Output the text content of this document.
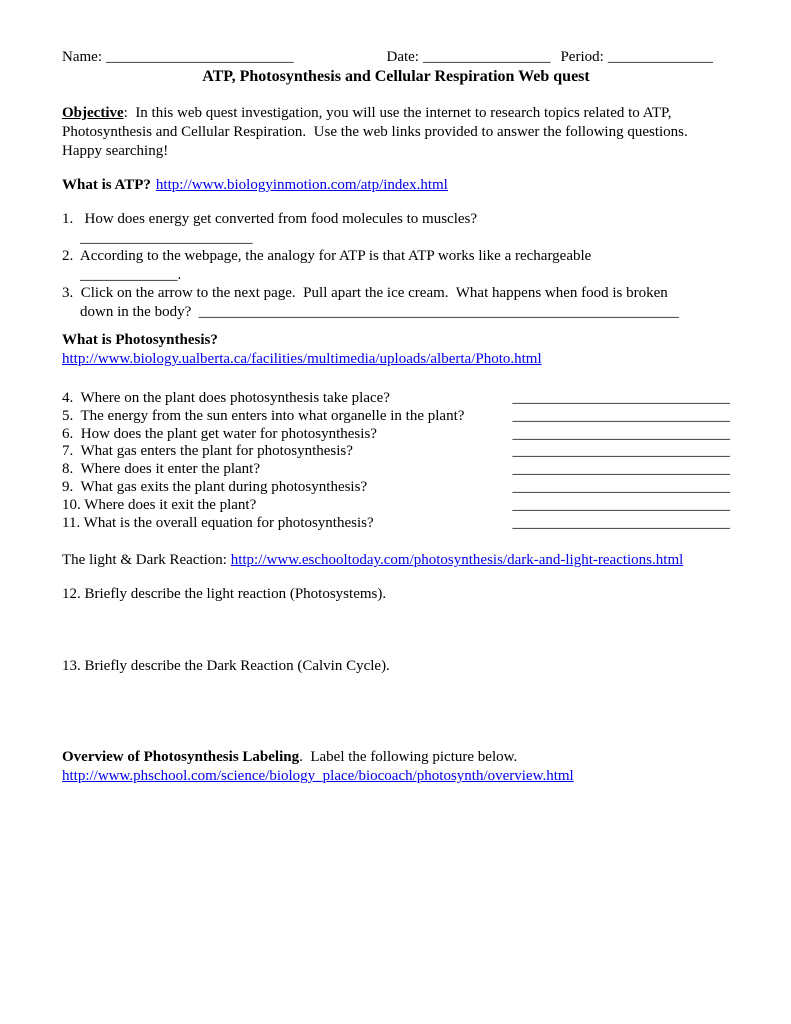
Name: _________________________	Date: _________________ Period: ______________
ATP, Photosynthesis and Cellular Respiration Web quest

Objective:  In this web quest investigation, you will use the internet to research topics related to ATP,
Photosynthesis and Cellular Respiration.  Use the web links provided to answer the following questions.
Happy searching!

What is ATP? http://www.biologyinmotion.com/atp/index.html
1.   How does energy get converted from food molecules to muscles?
_______________________
2.  According to the webpage, the analogy for ATP is that ATP works like a rechargeable
_____________.
3.  Click on the arrow to the next page.  Pull apart the ice cream.  What happens when food is broken
down in the body?  ________________________________________________________________
What is Photosynthesis?
http://www.biology.ualberta.ca/facilities/multimedia/uploads/alberta/Photo.html
4.  Where on the plant does photosynthesis take place?	_____________________________
5.  The energy from the sun enters into what organelle in the plant?	_____________________________
6.  How does the plant get water for photosynthesis?	_____________________________
7.  What gas enters the plant for photosynthesis?	_____________________________
8.  Where does it enter the plant?	_____________________________
9.  What gas exits the plant during photosynthesis?	_____________________________
10. Where does it exit the plant?	_____________________________
11. What is the overall equation for photosynthesis?	_____________________________
The light & Dark Reaction: http://www.eschooltoday.com/photosynthesis/dark-and-light-reactions.html
12. Briefly describe the light reaction (Photosystems).
13. Briefly describe the Dark Reaction (Calvin Cycle).
Overview of Photosynthesis Labeling.  Label the following picture below.
http://www.phschool.com/science/biology_place/biocoach/photosynth/overview.html
